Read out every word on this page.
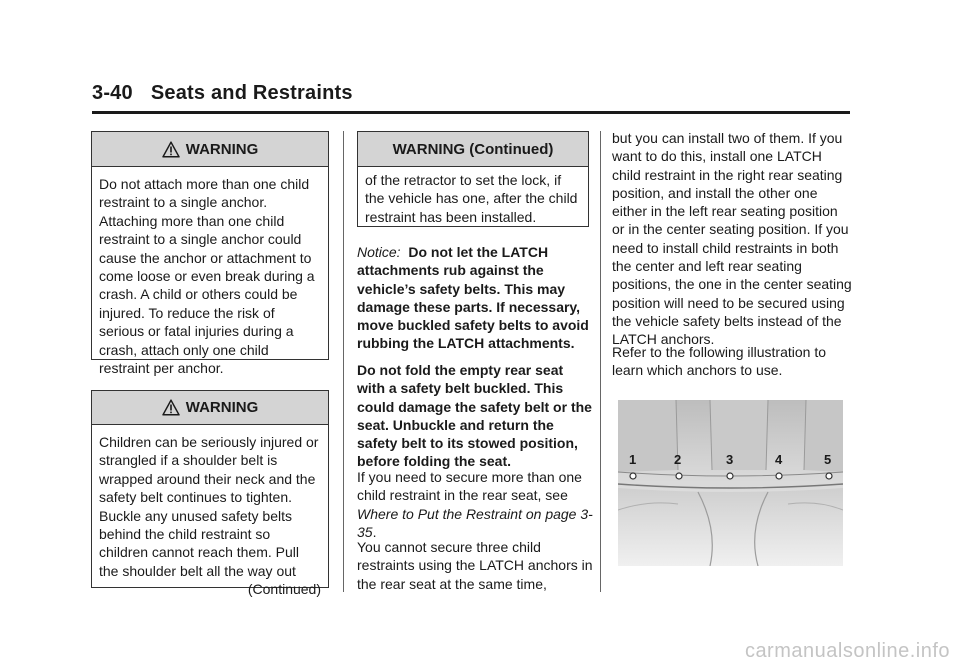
3-40 Seats and Restraints
WARNING

Do not attach more than one child restraint to a single anchor. Attaching more than one child restraint to a single anchor could cause the anchor or attachment to come loose or even break during a crash. A child or others could be injured. To reduce the risk of serious or fatal injuries during a crash, attach only one child restraint per anchor.

WARNING

Children can be seriously injured or strangled if a shoulder belt is wrapped around their neck and the safety belt continues to tighten. Buckle any unused safety belts behind the child restraint so children cannot reach them. Pull the shoulder belt all the way out

(Continued)

WARNING (Continued)

of the retractor to set the lock, if the vehicle has one, after the child restraint has been installed.

Notice: Do not let the LATCH attachments rub against the vehicle’s safety belts. This may damage these parts. If necessary, move buckled safety belts to avoid rubbing the LATCH attachments.

Do not fold the empty rear seat with a safety belt buckled. This could damage the safety belt or the seat. Unbuckle and return the safety belt to its stowed position, before folding the seat.

If you need to secure more than one child restraint in the rear seat, see Where to Put the Restraint on page 3-35.

You cannot secure three child restraints using the LATCH anchors in the rear seat at the same time,

but you can install two of them. If you want to do this, install one LATCH child restraint in the right rear seating position, and install the other one either in the left rear seating position or in the center seating position. If you need to install child restraints in both the center and left rear seating positions, the one in the center seating position will need to be secured using the vehicle safety belts instead of the LATCH anchors.

Refer to the following illustration to learn which anchors to use.

1	2	3	4	5
carmanualsonline.info
